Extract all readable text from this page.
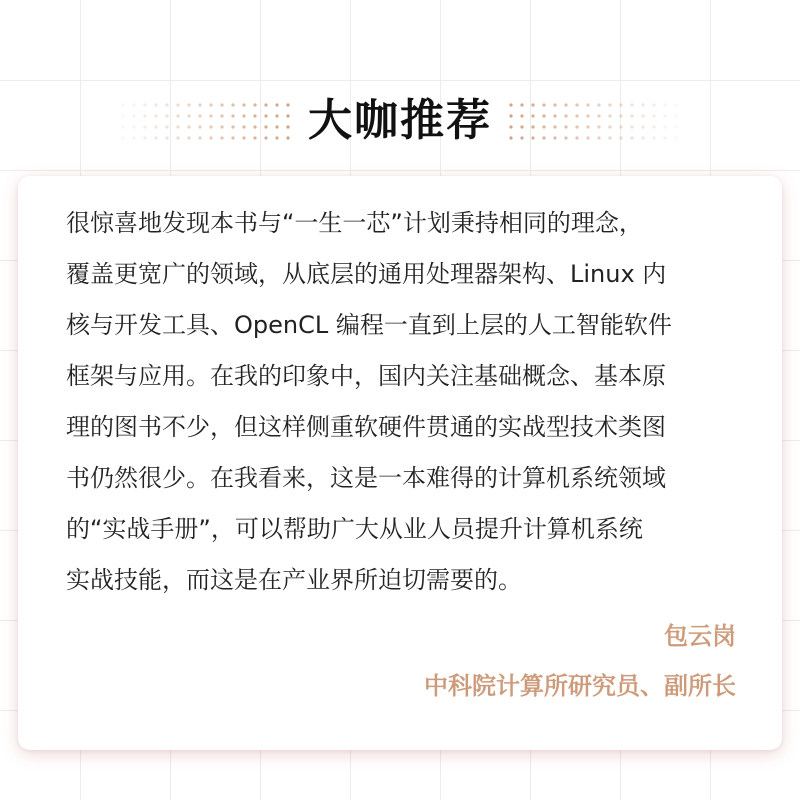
大咖推荐
很惊喜地发现本书与“一生一芯”计划秉持相同的理念，
覆盖更宽广的领域，从底层的通用处理器架构、Linux 内
核与开发工具、OpenCL 编程一直到上层的人工智能软件
框架与应用。在我的印象中，国内关注基础概念、基本原
理的图书不少，但这样侧重软硬件贯通的实战型技术类图
书仍然很少。在我看来，这是一本难得的计算机系统领域
的“实战手册”，可以帮助广大从业人员提升计算机系统
实战技能，而这是在产业界所迫切需要的。
包云岗
中科院计算所研究员、副所长
